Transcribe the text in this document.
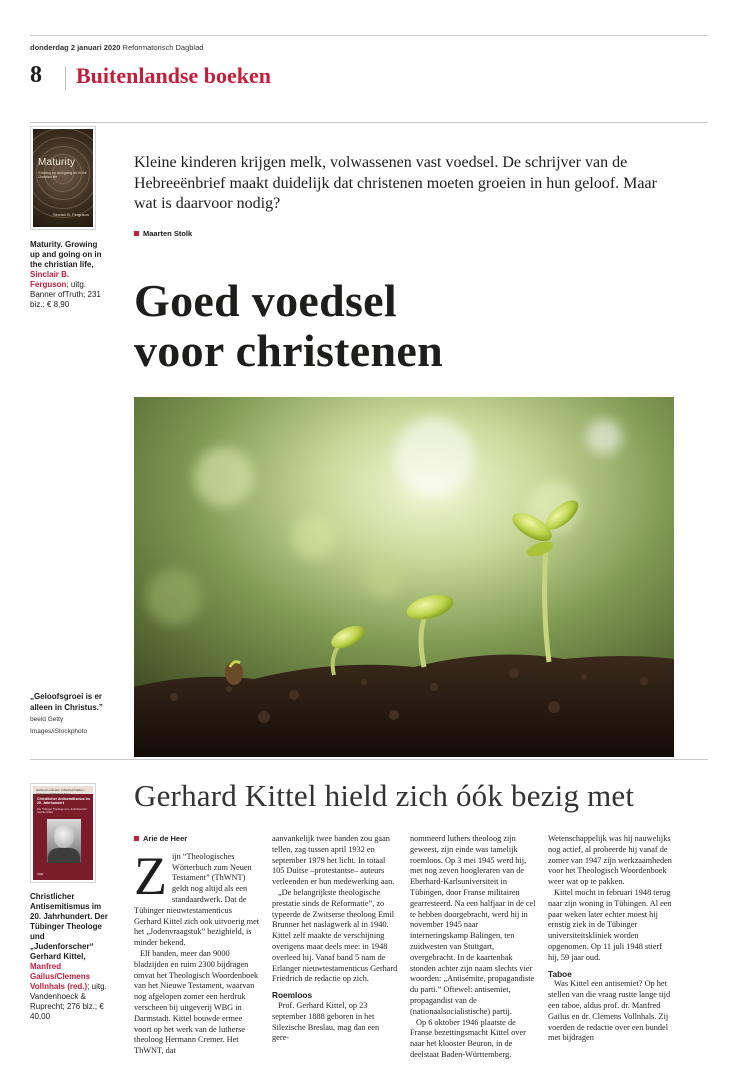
donderdag 2 januari 2020 Reformatorisch Dagblad
8 Buitenlandse boeken
Maturity
Growing up and going on in the Christian life
Sinclair B. Ferguson
Maturity. Growing up and going on in the christian life, Sinclair B. Ferguson; uitg. Banner ofTruth; 231 biz.; € 8,90
Kleine kinderen krijgen melk, volwassenen vast voedsel. De schrijver van de Hebreeënbrief maakt duidelijk dat christenen moeten groeien in hun geloof. Maar wat is daarvoor nodig?
Maarten Stolk
Goed voedsel
voor christenen
„Geloofsgroei is er alleen in Christus.” beeld Getty Images/iStockphoto
Hartmut Lehmann | Manfred Gailus | Clemens Vollnhals (Hrsg.)
Christlicher Antisemitismus im 20. Jahrhundert
Der Tübinger Theologe und „Judenforscher“ Gerhard Kittel
V&R
Christlicher Antisemitismus im 20. Jahrhundert. Der Tübinger Theologe und „Judenforscher“ Gerhard Kittel, Manfred Gailus/Clemens Vollnhals (red.); uitg. Vandenhoeck & Ruprecht; 276 blz.; € 40,00
Gerhard Kittel hield zich óók bezig met
Arie de Heer

Zijn “Theologisches Wörterbuch zum Neuen Testament” (ThWNT) geldt nog altijd als een standaardwerk. Dat de Tübinger nieuwtestamenticus Gerhard Kittel zich ook uitvoerig met het „Jodenvraagstuk” bezighield, is minder bekend.

Elf banden, meer dan 9000 bladzijden en ruim 2300 bijdragen omvat het Theologisch Woordenboek van het Nieuwe Testament, waarvan nog afgelopen zomer een herdruk verscheen bij uitgeverij WBG in Darmstadt. Kittel bouwde ermee voort op het werk van de lutherse theoloog Hermann Cremer. Het ThWNT, dat

aanvankelijk twee banden zou gaan tellen, zag tussen april 1932 en september 1979 het licht. In totaal 105 Duitse –protestantse– auteurs verleenden er hun medewerking aan.

„De belangrijkste theologische prestatie sinds de Reformatie”, zo typeerde de Zwitserse theoloog Emil Brunner het naslagwerk al in 1940. Kittel zelf maakte de verschijning overigens maar deels mee: in 1948 overleed hij. Vanaf band 5 nam de Erlanger nieuwtestamenticus Gerhard Friedrich de redactie op zich.

Roemloos

Prof. Gerhard Kittel, op 23 september 1888 geboren in het Silezische Breslau, mag dan een gere-

nommeerd luthers theoloog zijn geweest, zijn einde was tamelijk roemloos. Op 3 mei 1945 werd hij, met nog zeven hoogleraren van de Eberhard-Karlsuniversiteit in Tübingen, door Franse militairen gearresteerd. Na een halfjaar in de cel te hebben doorgebracht, werd hij in november 1945 naar interneringskamp Balingen, ten zuidwesten van Stuttgart, overgebracht. In de kaartenbak stonden achter zijn naam slechts vier woorden: „Antisémite, propagandiste du parti.” Oftewel: antisemiet, propagandist van de (nationaalsocialistische) partij.

Op 6 oktober 1946 plaatste de Franse bezettingsmacht Kittel over naar het klooster Beuron, in de deelstaat Baden-Württemberg.

Wetenschappelijk was hij nauwelijks nog actief, al probeerde hij vanaf de zomer van 1947 zijn werkzaamheden voor het Theologisch Woordenboek weer wat op te pakken.

Kittel mocht in februari 1948 terug naar zijn woning in Tübingen. Al een paar weken later echter moest hij ernstig ziek in de Tübinger universiteitskliniek worden opgenomen. Op 11 juli 1948 stierf hij, 59 jaar oud.

Taboe

Was Kittel een antisemiet? Op het stellen van die vraag rustte lange tijd een taboe, aldus prof. dr. Manfred Gailus en dr. Clemens Vollnhals. Zij voerden de redactie over een bundel met bijdragen
